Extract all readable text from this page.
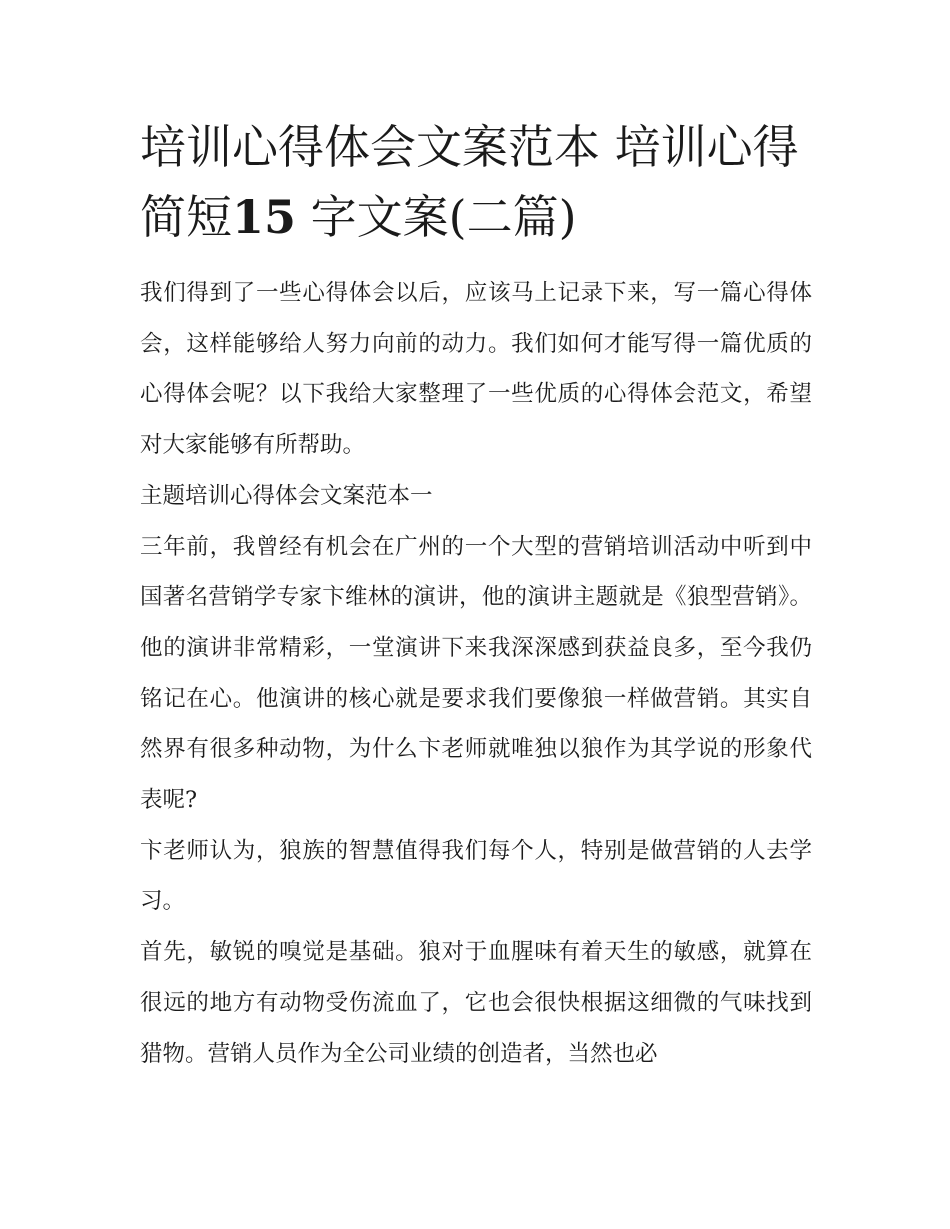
培训心得体会文案范本 培训心得简短15 字文案(二篇)

我们得到了一些心得体会以后，应该马上记录下来，写一篇心得体会，这样能够给人努力向前的动力。我们如何才能写得一篇优质的心得体会呢？以下我给大家整理了一些优质的心得体会范文，希望对大家能够有所帮助。

主题培训心得体会文案范本一

三年前，我曾经有机会在广州的一个大型的营销培训活动中听到中国著名营销学专家卞维林的演讲，他的演讲主题就是《狼型营销》。他的演讲非常精彩，一堂演讲下来我深深感到获益良多，至今我仍铭记在心。他演讲的核心就是要求我们要像狼一样做营销。其实自然界有很多种动物，为什么卞老师就唯独以狼作为其学说的形象代表呢?

卞老师认为，狼族的智慧值得我们每个人，特别是做营销的人去学习。

首先，敏锐的嗅觉是基础。狼对于血腥味有着天生的敏感，就算在很远的地方有动物受伤流血了，它也会很快根据这细微的气味找到猎物。营销人员作为全公司业绩的创造者，当然也必
